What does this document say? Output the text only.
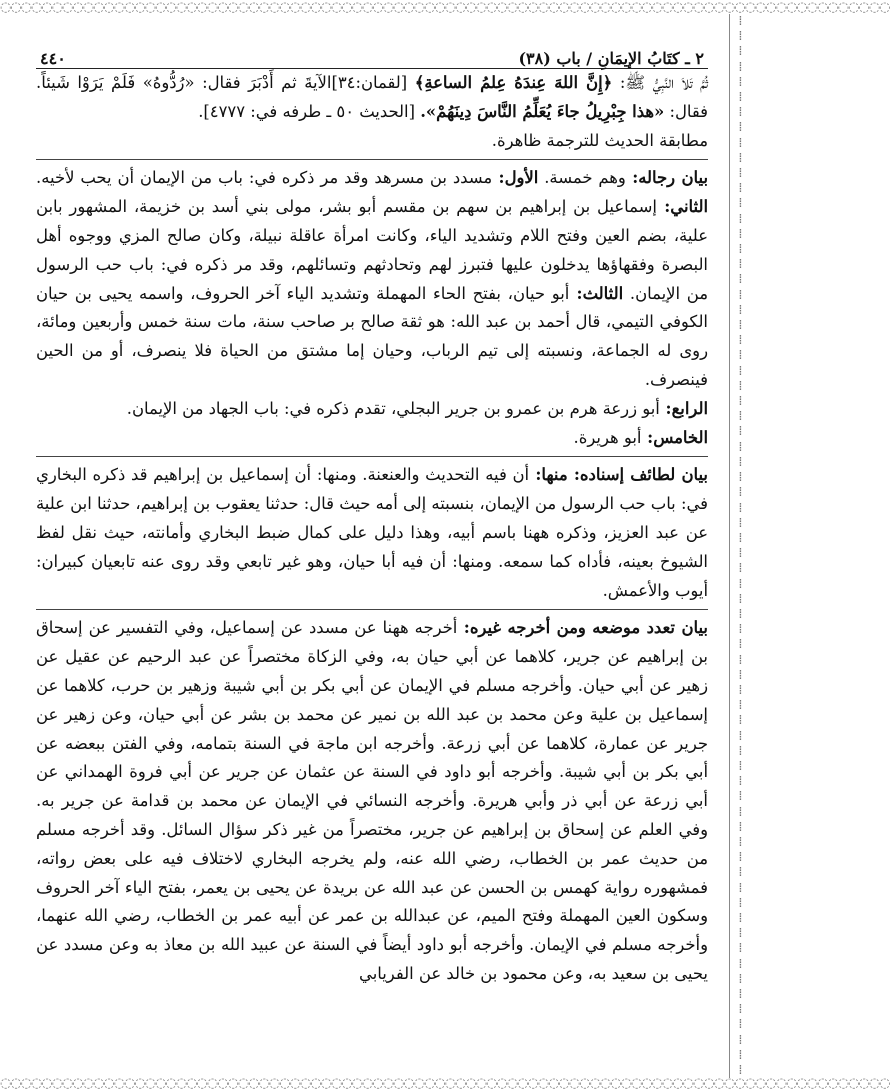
◌◌◌◌◌◌◌◌◌◌◌◌◌◌◌◌◌◌◌◌◌◌◌◌◌◌◌◌◌◌◌◌◌◌◌◌◌◌◌◌◌◌◌◌◌◌◌◌◌◌◌◌◌◌◌◌◌◌◌◌◌◌◌◌◌◌◌◌◌◌◌◌◌◌◌◌◌◌◌◌◌◌◌◌◌◌
⁞
⁞
⁞
⁞
⁞
⁞
⁞
⁞
⁞
⁞
⁞
⁞
⁞
⁞
⁞
⁞
⁞
⁞
⁞
⁞
⁞
⁞
⁞
⁞
⁞
⁞
⁞
⁞
⁞
⁞
⁞
⁞
⁞
⁞
⁞
⁞
⁞
⁞
⁞
⁞
⁞
⁞
⁞
⁞
⁞
⁞
⁞
⁞
⁞
⁞
⁞
⁞
⁞
⁞
⁞
⁞
⁞
⁞
⁞
⁞
⁞
⁞
⁞
⁞
⁞
⁞
⁞
⁞
⁞
⁞

◌◌◌◌◌◌◌◌◌◌◌◌◌◌◌◌◌◌◌◌◌◌◌◌◌◌◌◌◌◌◌◌◌◌◌◌◌◌◌◌◌◌◌◌◌◌◌◌◌◌◌◌◌◌◌◌◌◌◌◌◌◌◌◌◌◌◌◌◌◌◌◌◌◌◌◌◌◌◌◌◌◌◌◌◌◌
٢ ـ كتَابُ الإيمَانِ / باب (٣٨)
٤٤٠

ثُمَّ تَلاَ النَّبِيُّ ﷺ: ﴿إِنَّ اللهَ عِندَهُ عِلمُ الساعةِ﴾ [لقمان:٣٤]الآيةَ ثم أَدْبَرَ فقال: «رُدُّوهُ» فَلَمْ يَرَوْا شَيئاً. فقال: «هذا جِبْرِيلُ جاءَ يُعَلِّمُ النَّاسَ دِينَهُمْ». [الحديث ٥٠ ـ طرفه في: ٤٧٧٧].

مطابقة الحديث للترجمة ظاهرة.

بيان رجاله: وهم خمسة. الأول: مسدد بن مسرهد وقد مر ذكره في: باب من الإيمان أن يحب لأخيه. الثاني: إسماعيل بن إبراهيم بن سهم بن مقسم أبو بشر، مولى بني أسد بن خزيمة، المشهور بابن علية، بضم العين وفتح اللام وتشديد الياء، وكانت امرأة عاقلة نبيلة، وكان صالح المزي ووجوه أهل البصرة وفقهاؤها يدخلون عليها فتبرز لهم وتحادثهم وتسائلهم، وقد مر ذكره في: باب حب الرسول من الإيمان. الثالث: أبو حيان، بفتح الحاء المهملة وتشديد الياء آخر الحروف، واسمه يحيى بن حيان الكوفي التيمي، قال أحمد بن عبد الله: هو ثقة صالح بر صاحب سنة، مات سنة خمس وأربعين ومائة، روى له الجماعة، ونسبته إلى تيم الرباب، وحيان إما مشتق من الحياة فلا ينصرف، أو من الحين فينصرف.

الرابع: أبو زرعة هرم بن عمرو بن جرير البجلي، تقدم ذكره في: باب الجهاد من الإيمان.

الخامس: أبو هريرة.

بيان لطائف إسناده: منها: أن فيه التحديث والعنعنة. ومنها: أن إسماعيل بن إبراهيم قد ذكره البخاري في: باب حب الرسول من الإيمان، بنسبته إلى أمه حيث قال: حدثنا يعقوب بن إبراهيم، حدثنا ابن علية عن عبد العزيز، وذكره ههنا باسم أبيه، وهذا دليل على كمال ضبط البخاري وأمانته، حيث نقل لفظ الشيوخ بعينه، فأداه كما سمعه. ومنها: أن فيه أبا حيان، وهو غير تابعي وقد روى عنه تابعيان كبيران: أيوب والأعمش.

بيان تعدد موضعه ومن أخرجه غيره: أخرجه ههنا عن مسدد عن إسماعيل، وفي التفسير عن إسحاق بن إبراهيم عن جرير، كلاهما عن أبي حيان به، وفي الزكاة مختصراً عن عبد الرحيم عن عقيل عن زهير عن أبي حيان. وأخرجه مسلم في الإيمان عن أبي بكر بن أبي شيبة وزهير بن حرب، كلاهما عن إسماعيل بن علية وعن محمد بن عبد الله بن نمير عن محمد بن بشر عن أبي حيان، وعن زهير عن جرير عن عمارة، كلاهما عن أبي زرعة. وأخرجه ابن ماجة في السنة بتمامه، وفي الفتن ببعضه عن أبي بكر بن أبي شيبة. وأخرجه أبو داود في السنة عن عثمان عن جرير عن أبي فروة الهمداني عن أبي زرعة عن أبي ذر وأبي هريرة. وأخرجه النسائي في الإيمان عن محمد بن قدامة عن جرير به. وفي العلم عن إسحاق بن إبراهيم عن جرير، مختصراً من غير ذكر سؤال السائل. وقد أخرجه مسلم من حديث عمر بن الخطاب، رضي الله عنه، ولم يخرجه البخاري لاختلاف فيه على بعض رواته، فمشهوره رواية كهمس بن الحسن عن عبد الله عن بريدة عن يحيى بن يعمر، بفتح الياء آخر الحروف وسكون العين المهملة وفتح الميم، عن عبدالله بن عمر عن أبيه عمر بن الخطاب، رضي الله عنهما، وأخرجه مسلم في الإيمان. وأخرجه أبو داود أيضاً في السنة عن عبيد الله بن معاذ به وعن مسدد عن يحيى بن سعيد به، وعن محمود بن خالد عن الفريابي
